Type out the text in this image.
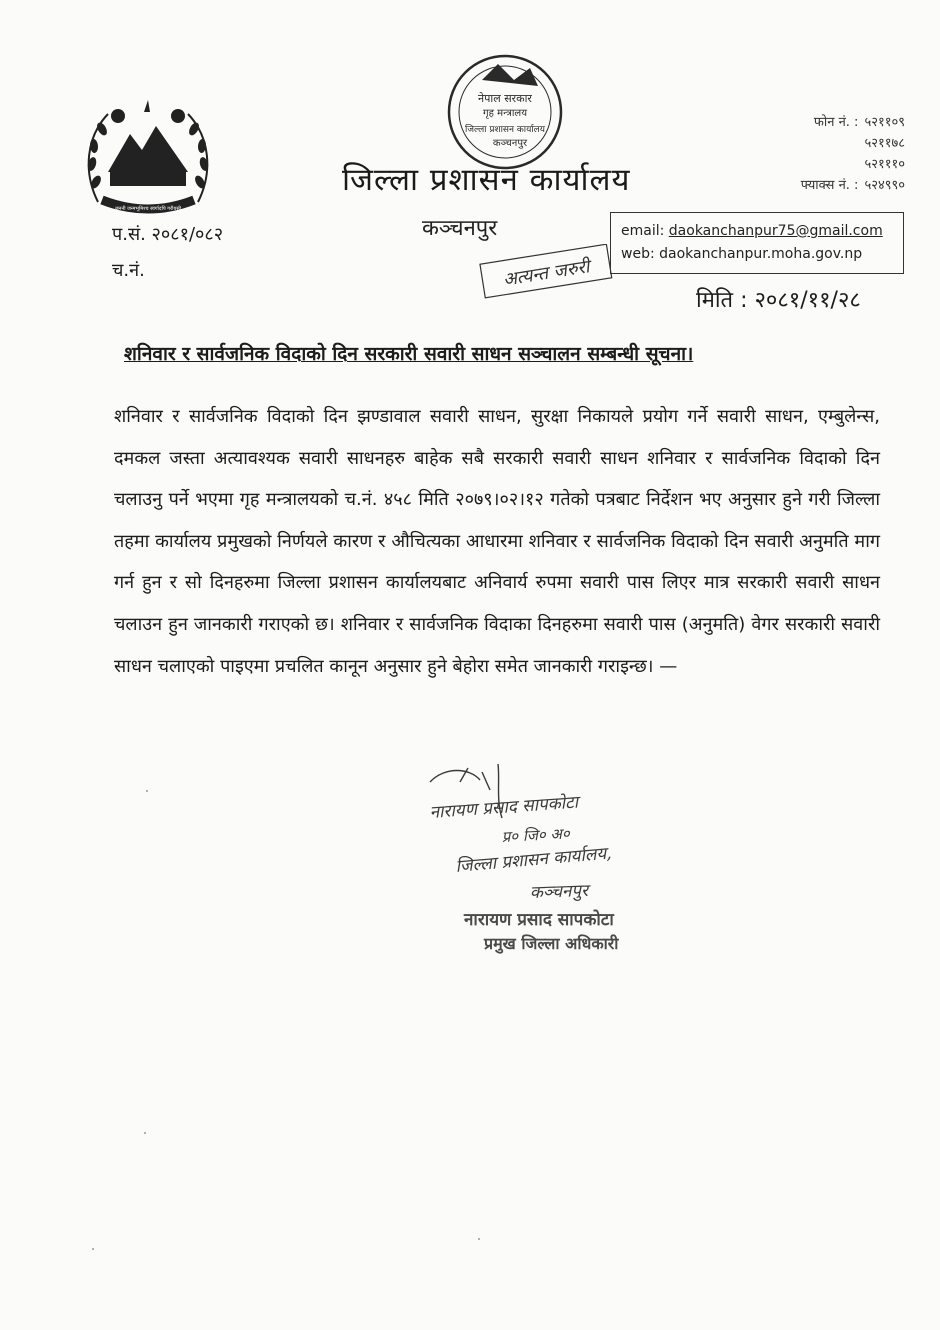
जननी जन्मभूमिश्च स्वर्गादपि गरीयसी
नेपाल सरकार
गृह मन्त्रालय
जिल्ला प्रशासन कार्यालय
कञ्चनपुर
जिल्ला प्रशासन कार्यालय
कञ्चनपुर
प.सं. २०८१/०८२
च.नं.
फोन नं. : ५२११०९
५२११७८
५२१११०
फ्याक्स नं. : ५२४९९०
email: daokanchanpur75@gmail.com
web: daokanchanpur.moha.gov.np
अत्यन्त जरुरी
मिति : २०८१/११/२८
शनिवार र सार्वजनिक विदाको दिन सरकारी सवारी साधन सञ्चालन सम्बन्धी सूचना।
शनिवार र सार्वजनिक विदाको दिन झण्डावाल सवारी साधन, सुरक्षा निकायले प्रयोग गर्ने सवारी साधन, एम्बुलेन्स, दमकल जस्ता अत्यावश्यक सवारी साधनहरु बाहेक सबै सरकारी सवारी साधन शनिवार र सार्वजनिक विदाको दिन चलाउनु पर्ने भएमा गृह मन्त्रालयको च.नं. ४५८ मिति २०७९।०२।१२ गतेको पत्रबाट निर्देशन भए अनुसार हुने गरी जिल्ला तहमा कार्यालय प्रमुखको निर्णयले कारण र औचित्यका आधारमा शनिवार र सार्वजनिक विदाको दिन सवारी अनुमति माग गर्न हुन र सो दिनहरुमा जिल्ला प्रशासन कार्यालयबाट अनिवार्य रुपमा सवारी पास लिएर मात्र सरकारी सवारी साधन चलाउन हुन जानकारी गराएको छ। शनिवार र सार्वजनिक विदाका दिनहरुमा सवारी पास (अनुमति) वेगर सरकारी सवारी साधन चलाएको पाइएमा प्रचलित कानून अनुसार हुने बेहोरा समेत जानकारी गराइन्छ। —
नारायण प्रसाद सापकोटा
प्र० जि० अ०
जिल्ला प्रशासन कार्यालय,
कञ्चनपुर
नारायण प्रसाद सापकोटा
प्रमुख जिल्ला अधिकारी
